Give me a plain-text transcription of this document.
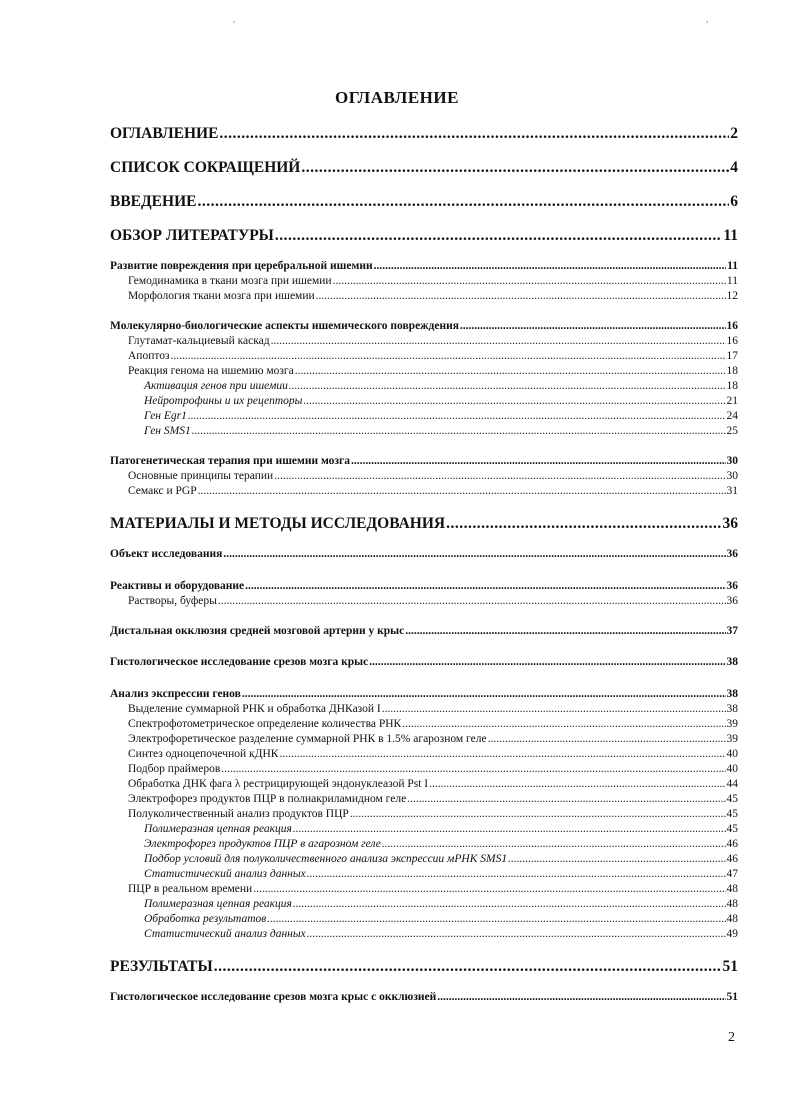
,	,
ОГЛАВЛЕНИЕ
ОГЛАВЛЕНИЕ .....	2
СПИСОК СОКРАЩЕНИЙ .....	4
ВВЕДЕНИЕ .....	6
ОБЗОР ЛИТЕРАТУРЫ .....	11
Развитие повреждения при церебральной ишемии .....	11
Гемодинамика в ткани мозга при ишемии .....	11
Морфология ткани мозга при ишемии .....	12
Молекулярно-биологические аспекты ишемического повреждения .....	16
Глутамат-кальциевый каскад .....	16
Апоптоз .....	17
Реакция генома на ишемию мозга .....	18
Активация генов при ишемии .....	18
Нейротрофины и их рецепторы .....	21
Ген Egr1 .....	24
Ген SMS1 .....	25
Патогенетическая терапия при ишемии мозга .....	30
Основные принципы терапии .....	30
Семакс и PGP .....	31
МАТЕРИАЛЫ И МЕТОДЫ ИССЛЕДОВАНИЯ .....	36
Объект исследования .....	36
Реактивы и оборудование .....	36
Растворы, буферы .....	36
Дистальная окклюзия средней мозговой артерии у крыс .....	37
Гистологическое исследование срезов мозга крыс .....	38
Анализ экспрессии генов .....	38
Выделение суммарной РНК и обработка ДНКазой I .....	38
Спектрофотометрическое определение количества РНК .....	39
Электрофоретическое разделение суммарной РНК в 1.5% агарозном геле .....	39
Синтез одноцепочечной кДНК .....	40
Подбор праймеров .....	40
Обработка ДНК фага λ рестрицирующей эндонуклеазой Pst I .....	44
Электрофорез продуктов ПЦР в полиакриламидном геле .....	45
Полуколичественный анализ продуктов ПЦР .....	45
Полимеразная цепная реакция .....	45
Электрофорез продуктов ПЦР в агарозном геле .....	46
Подбор условий для полуколичественного анализа экспрессии мРНК SMS1 .....	46
Статистический анализ данных .....	47
ПЦР в реальном времени .....	48
Полимеразная цепная реакция .....	48
Обработка результатов .....	48
Статистический анализ данных .....	49
РЕЗУЛЬТАТЫ .....	51
Гистологическое исследование срезов мозга крыс с окклюзией .....	51
2
